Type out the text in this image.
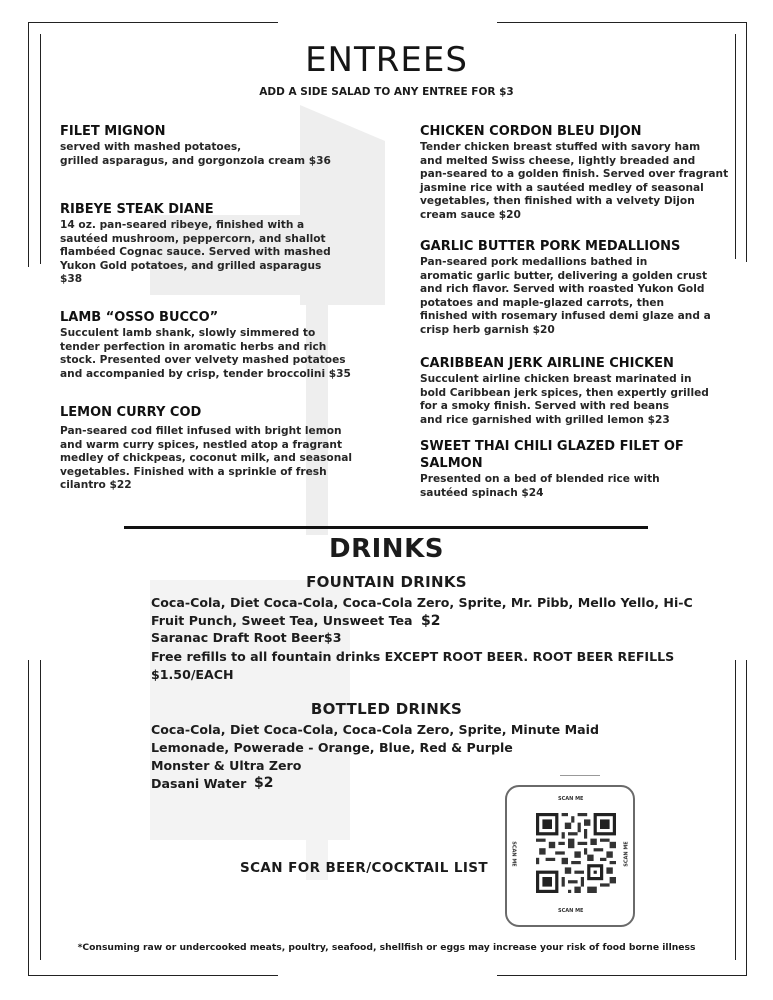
ENTREES
ADD A SIDE SALAD TO ANY ENTREE FOR $3
FILET MIGNON
served with mashed potatoes,
grilled asparagus, and gorgonzola cream $36
RIBEYE STEAK DIANE
14 oz. pan-seared ribeye, finished with a
sautéed mushroom, peppercorn, and shallot
flambéed Cognac sauce. Served with mashed
Yukon Gold potatoes, and grilled asparagus
$38
LAMB “OSSO BUCCO”
Succulent lamb shank, slowly simmered to
tender perfection in aromatic herbs and rich
stock. Presented over velvety mashed potatoes
and accompanied by crisp, tender broccolini $35
LEMON CURRY COD
Pan-seared cod fillet infused with bright lemon
and warm curry spices, nestled atop a fragrant
medley of chickpeas, coconut milk, and seasonal
vegetables. Finished with a sprinkle of fresh
cilantro $22
CHICKEN CORDON BLEU DIJON
Tender chicken breast stuffed with savory ham
and melted Swiss cheese, lightly breaded and
pan-seared to a golden finish. Served over fragrant
jasmine rice with a sautéed medley of seasonal
vegetables, then finished with a velvety Dijon
cream sauce $20
GARLIC BUTTER PORK MEDALLIONS
Pan-seared pork medallions bathed in
aromatic garlic butter, delivering a golden crust
and rich flavor. Served with roasted Yukon Gold
potatoes and maple-glazed carrots, then
finished with rosemary infused demi glaze and a
crisp herb garnish $20
CARIBBEAN JERK AIRLINE CHICKEN
Succulent airline chicken breast marinated in
bold Caribbean jerk spices, then expertly grilled
for a smoky finish. Served with red beans
and rice garnished with grilled lemon $23
SWEET THAI CHILI GLAZED FILET OF SALMON
Presented on a bed of blended rice with
sautéed spinach $24
DRINKS
FOUNTAIN DRINKS
Coca-Cola, Diet Coca-Cola, Coca-Cola Zero, Sprite, Mr. Pibb, Mello Yello, Hi-C
Fruit Punch, Sweet Tea, Unsweet Tea $2
Saranac Draft Root Beer$3
Free refills to all fountain drinks EXCEPT ROOT BEER. ROOT BEER REFILLS
$1.50/EACH
BOTTLED DRINKS
Coca-Cola, Diet Coca-Cola, Coca-Cola Zero, Sprite, Minute Maid
Lemonade, Powerade - Orange, Blue, Red & Purple
Monster & Ultra Zero
Dasani Water $2
SCAN FOR BEER/COCKTAIL LIST
SCAN ME
SCAN ME
SCAN ME	SCAN ME
*Consuming raw or undercooked meats, poultry, seafood, shellfish or eggs may increase your risk of food borne illness
